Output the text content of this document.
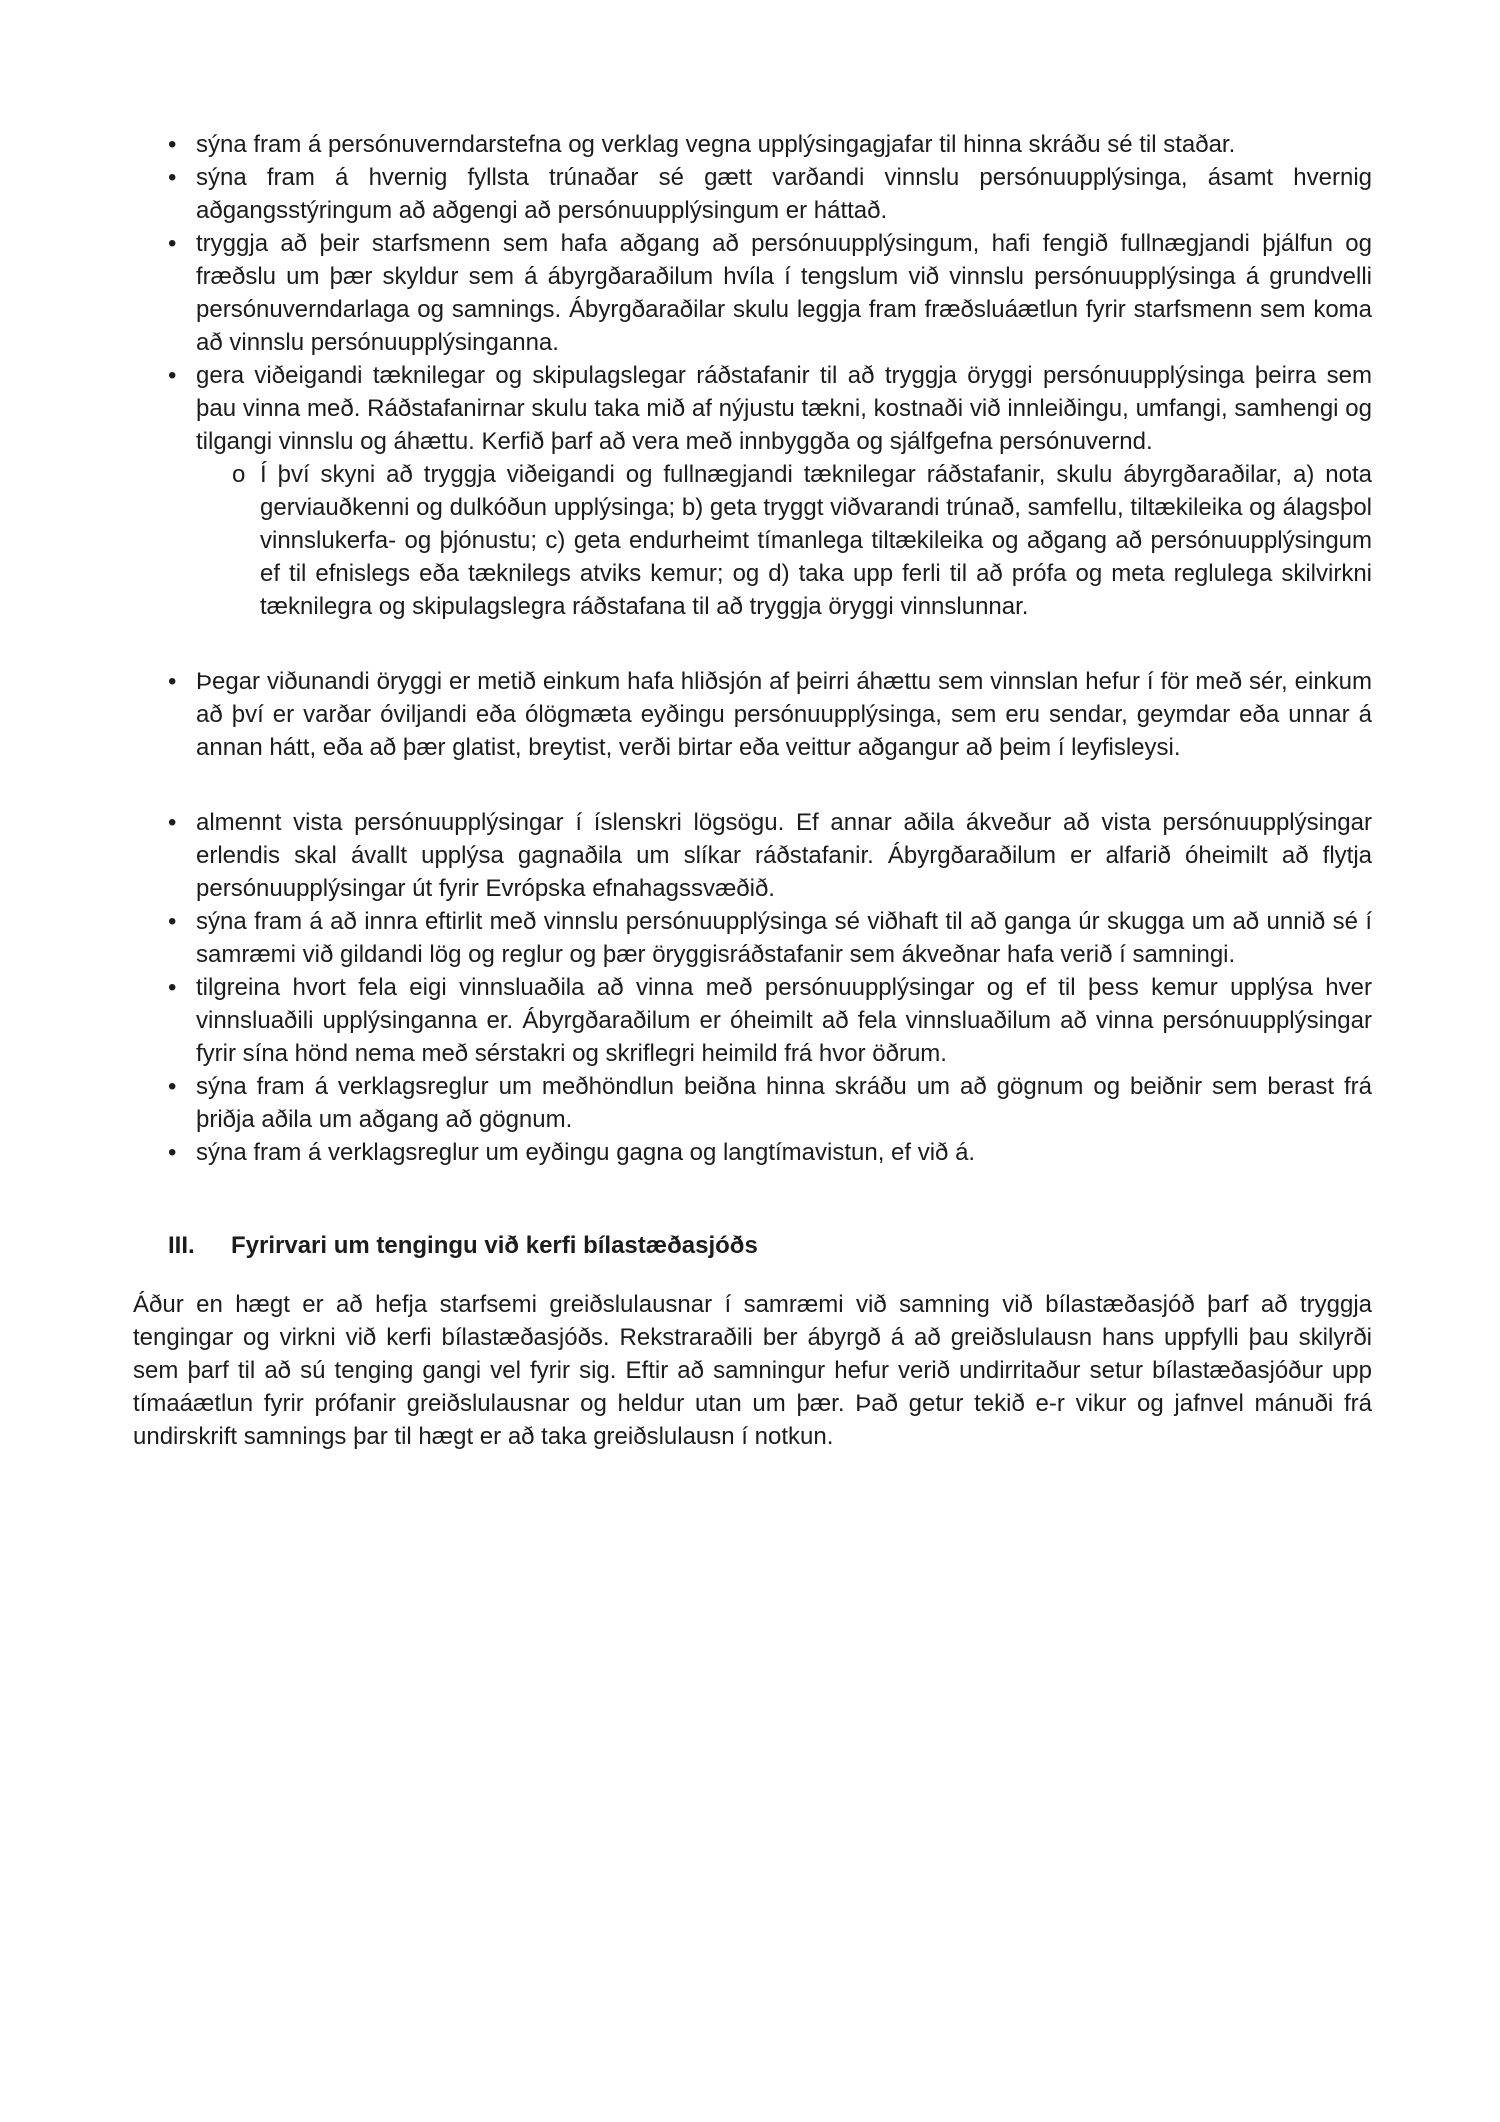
• sýna fram á persónuverndarstefna og verklag vegna upplýsingagjafar til hinna skráðu sé til staðar.
• sýna fram á hvernig fyllsta trúnaðar sé gætt varðandi vinnslu persónuupplýsinga, ásamt hvernig aðgangsstýringum að aðgengi að persónuupplýsingum er háttað.
• tryggja að þeir starfsmenn sem hafa aðgang að persónuupplýsingum, hafi fengið fullnægjandi þjálfun og fræðslu um þær skyldur sem á ábyrgðaraðilum hvíla í tengslum við vinnslu persónuupplýsinga á grundvelli persónuverndarlaga og samnings. Ábyrgðaraðilar skulu leggja fram fræðsluáætlun fyrir starfsmenn sem koma að vinnslu persónuupplýsinganna.
• gera viðeigandi tæknilegar og skipulagslegar ráðstafanir til að tryggja öryggi persónuupplýsinga þeirra sem þau vinna með. Ráðstafanirnar skulu taka mið af nýjustu tækni, kostnaði við innleiðingu, umfangi, samhengi og tilgangi vinnslu og áhættu. Kerfið þarf að vera með innbyggða og sjálfgefna persónuvernd.
o Í því skyni að tryggja viðeigandi og fullnægjandi tæknilegar ráðstafanir, skulu ábyrgðaraðilar, a) nota gerviauðkenni og dulkóðun upplýsinga; b) geta tryggt viðvarandi trúnað, samfellu, tiltækileika og álagsþol vinnslukerfa- og þjónustu; c) geta endurheimt tímanlega tiltækileika og aðgang að persónuupplýsingum ef til efnislegs eða tæknilegs atviks kemur; og d) taka upp ferli til að prófa og meta reglulega skilvirkni tæknilegra og skipulagslegra ráðstafana til að tryggja öryggi vinnslunnar.
• Þegar viðunandi öryggi er metið einkum hafa hliðsjón af þeirri áhættu sem vinnslan hefur í för með sér, einkum að því er varðar óviljandi eða ólögmæta eyðingu persónuupplýsinga, sem eru sendar, geymdar eða unnar á annan hátt, eða að þær glatist, breytist, verði birtar eða veittur aðgangur að þeim í leyfisleysi.
• almennt vista persónuupplýsingar í íslenskri lögsögu. Ef annar aðila ákveður að vista persónuupplýsingar erlendis skal ávallt upplýsa gagnaðila um slíkar ráðstafanir. Ábyrgðaraðilum er alfarið óheimilt að flytja persónuupplýsingar út fyrir Evrópska efnahagssvæðið.
• sýna fram á að innra eftirlit með vinnslu persónuupplýsinga sé viðhaft til að ganga úr skugga um að unnið sé í samræmi við gildandi lög og reglur og þær öryggisráðstafanir sem ákveðnar hafa verið í samningi.
• tilgreina hvort fela eigi vinnsluaðila að vinna með persónuupplýsingar og ef til þess kemur upplýsa hver vinnsluaðili upplýsinganna er. Ábyrgðaraðilum er óheimilt að fela vinnsluaðilum að vinna persónuupplýsingar fyrir sína hönd nema með sérstakri og skriflegri heimild frá hvor öðrum.
• sýna fram á verklagsreglur um meðhöndlun beiðna hinna skráðu um að gögnum og beiðnir sem berast frá þriðja aðila um aðgang að gögnum.
• sýna fram á verklagsreglur um eyðingu gagna og langtímavistun, ef við á.
III.	Fyrirvari um tengingu við kerfi bílastæðasjóðs

Áður en hægt er að hefja starfsemi greiðslulausnar í samræmi við samning við bílastæðasjóð þarf að tryggja tengingar og virkni við kerfi bílastæðasjóðs. Rekstraraðili ber ábyrgð á að greiðslulausn hans uppfylli þau skilyrði sem þarf til að sú tenging gangi vel fyrir sig. Eftir að samningur hefur verið undirritaður setur bílastæðasjóður upp tímaáætlun fyrir prófanir greiðslulausnar og heldur utan um þær. Það getur tekið e-r vikur og jafnvel mánuði frá undirskrift samnings þar til hægt er að taka greiðslulausn í notkun.
